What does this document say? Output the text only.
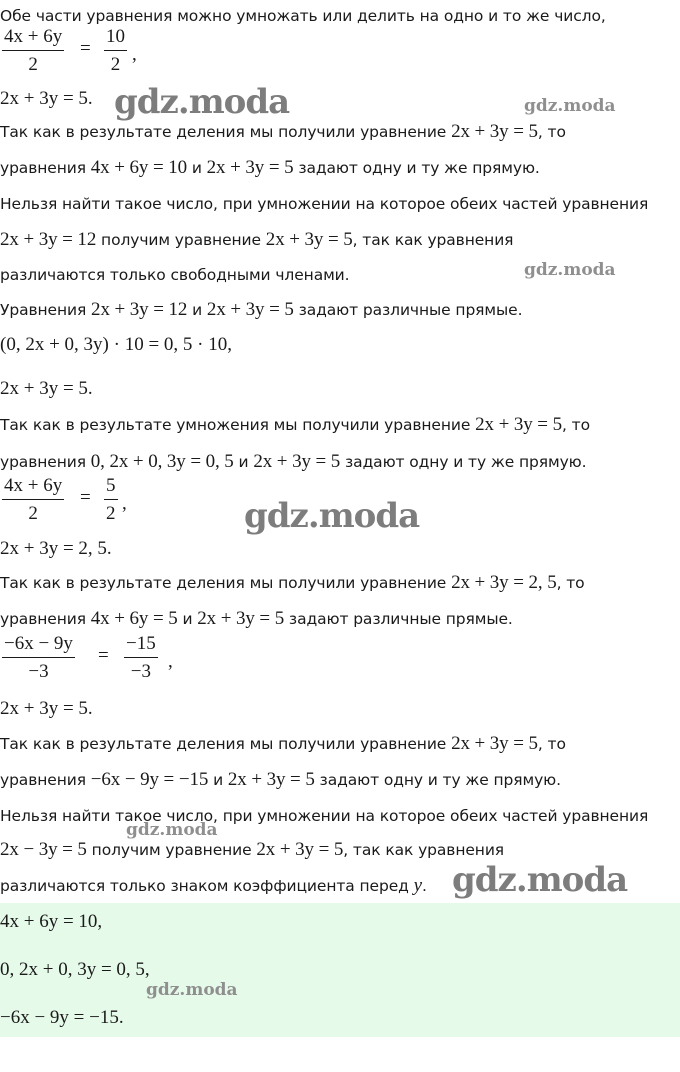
Обе части уравнения можно умножать или делить на одно и то же число,
4x + 6y
2
=
10
2 ,
2x + 3y = 5.
Так как в результате деления мы получили уравнение 2x + 3y = 5, то
уравнения 4x + 6y = 10 и 2x + 3y = 5 задают одну и ту же прямую.
Нельзя найти такое число, при умножении на которое обеих частей уравнения
2x + 3y = 12 получим уравнение 2x + 3y = 5, так как уравнения
различаются только свободными членами.
Уравнения 2x + 3y = 12 и 2x + 3y = 5 задают различные прямые.
(0, 2x + 0, 3y) · 10 = 0, 5 · 10,
2x + 3y = 5.
Так как в результате умножения мы получили уравнение 2x + 3y = 5, то
уравнения 0, 2x + 0, 3y = 0, 5 и 2x + 3y = 5 задают одну и ту же прямую.
4x + 6y
2
=
5
2 ,
2x + 3y = 2, 5.
Так как в результате деления мы получили уравнение 2x + 3y = 2, 5, то
уравнения 4x + 6y = 5 и 2x + 3y = 5 задают различные прямые.
−6x − 9y
−3
=
−15
−3 ,
2x + 3y = 5.
Так как в результате деления мы получили уравнение 2x + 3y = 5, то
уравнения −6x − 9y = −15 и 2x + 3y = 5 задают одну и ту же прямую.
Нельзя найти такое число, при умножении на которое обеих частей уравнения
2x − 3y = 5 получим уравнение 2x + 3y = 5, так как уравнения
различаются только знаком коэффициента перед y.
4x + 6y = 10,
0, 2x + 0, 3y = 0, 5,
−6x − 9y = −15.
gdz.moda	gdz.moda
gdz.moda
gdz.moda
gdz.moda
gdz.moda
gdz.moda
